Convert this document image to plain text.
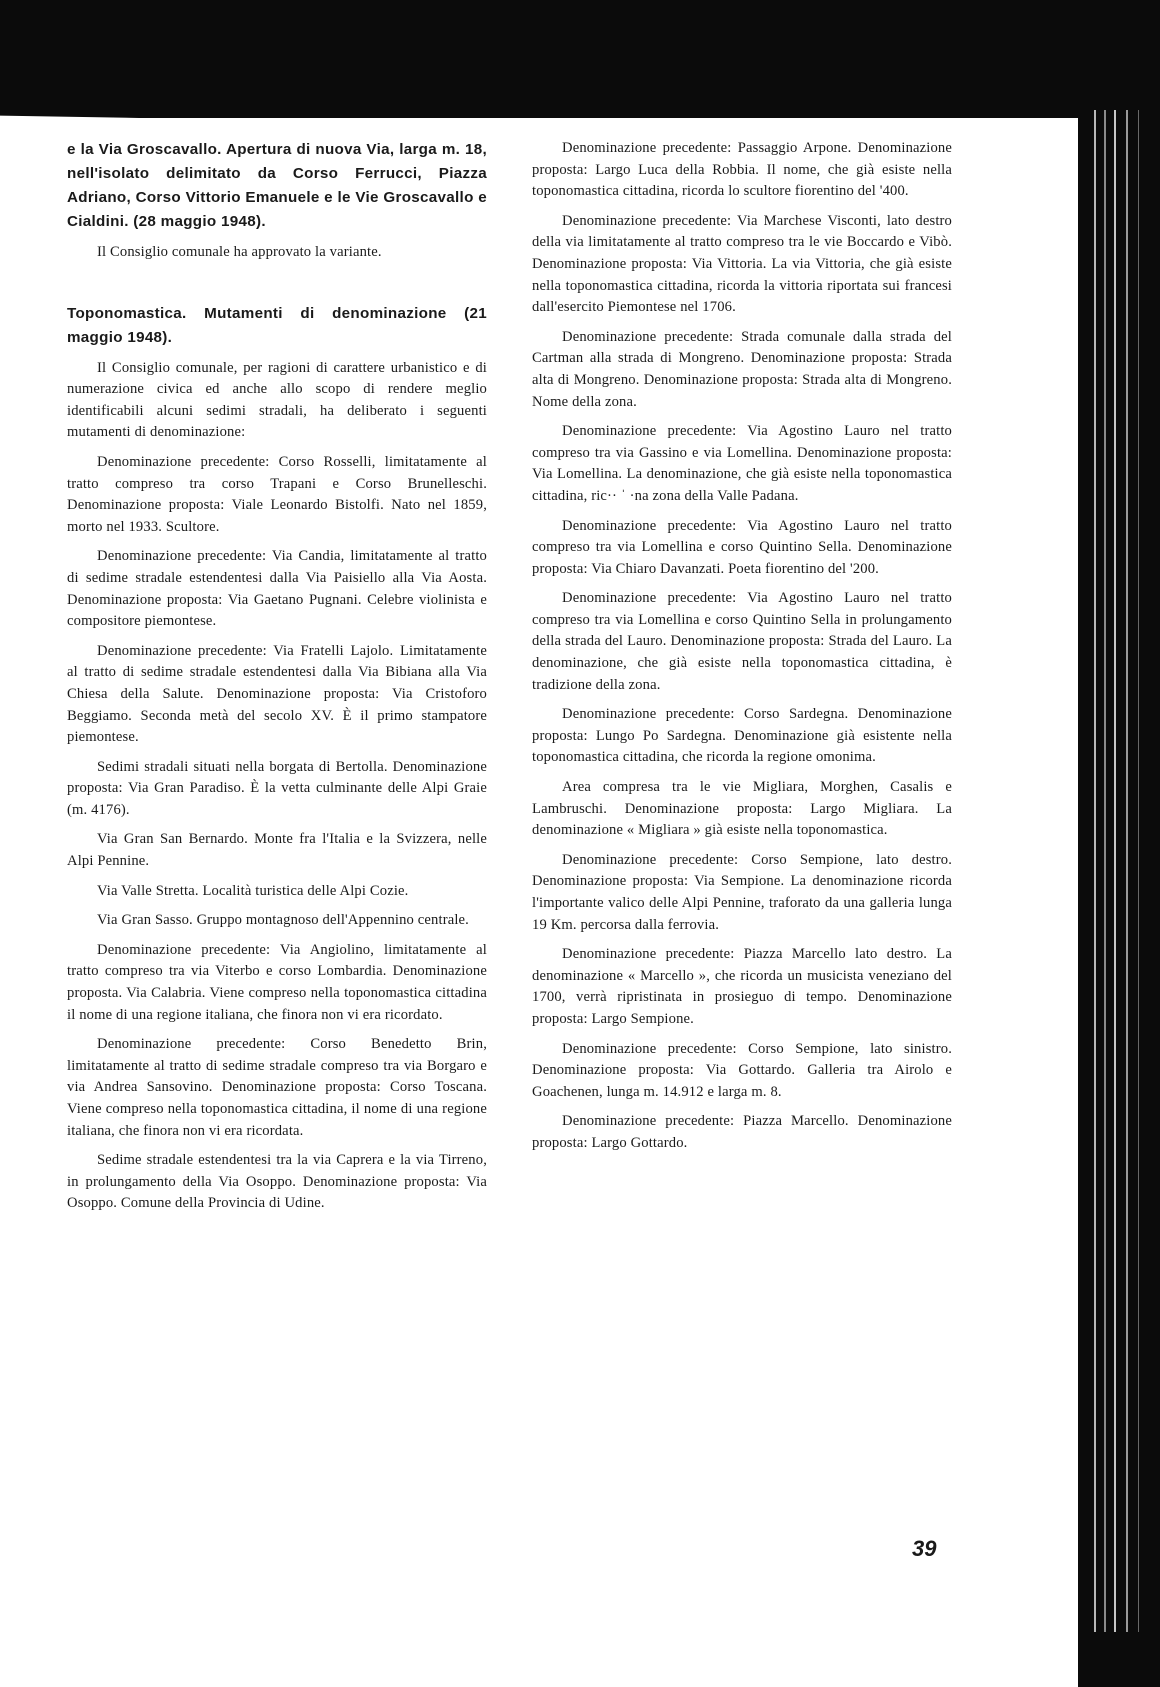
e la Via Groscavallo. Apertura di nuova Via, larga m. 18, nell'isolato delimitato da Corso Ferrucci, Piazza Adriano, Corso Vittorio Emanuele e le Vie Groscavallo e Cialdini. (28 maggio 1948).

Il Consiglio comunale ha approvato la variante.

Toponomastica. Mutamenti di denominazione (21 maggio 1948).

Il Consiglio comunale, per ragioni di carattere urbanistico e di numerazione civica ed anche allo scopo di rendere meglio identificabili alcuni sedimi stradali, ha deliberato i seguenti mutamenti di denominazione:

Denominazione precedente: Corso Rosselli, limitatamente al tratto compreso tra corso Trapani e Corso Brunelleschi. Denominazione proposta: Viale Leonardo Bistolfi. Nato nel 1859, morto nel 1933. Scultore.

Denominazione precedente: Via Candia, limitatamente al tratto di sedime stradale estendentesi dalla Via Paisiello alla Via Aosta. Denominazione proposta: Via Gaetano Pugnani. Celebre violinista e compositore piemontese.

Denominazione precedente: Via Fratelli Lajolo. Limitatamente al tratto di sedime stradale estendentesi dalla Via Bibiana alla Via Chiesa della Salute. Denominazione proposta: Via Cristoforo Beggiamo. Seconda metà del secolo XV. È il primo stampatore piemontese.

Sedimi stradali situati nella borgata di Bertolla. Denominazione proposta: Via Gran Paradiso. È la vetta culminante delle Alpi Graie (m. 4176).

Via Gran San Bernardo. Monte fra l'Italia e la Svizzera, nelle Alpi Pennine.

Via Valle Stretta. Località turistica delle Alpi Cozie.

Via Gran Sasso. Gruppo montagnoso dell'Appennino centrale.

Denominazione precedente: Via Angiolino, limitatamente al tratto compreso tra via Viterbo e corso Lombardia. Denominazione proposta. Via Calabria. Viene compreso nella toponomastica cittadina il nome di una regione italiana, che finora non vi era ricordato.

Denominazione precedente: Corso Benedetto Brin, limitatamente al tratto di sedime stradale compreso tra via Borgaro e via Andrea Sansovino. Denominazione proposta: Corso Toscana. Viene compreso nella toponomastica cittadina, il nome di una regione italiana, che finora non vi era ricordata.

Sedime stradale estendentesi tra la via Caprera e la via Tirreno, in prolungamento della Via Osoppo. Denominazione proposta: Via Osoppo. Comune della Provincia di Udine.

Denominazione precedente: Passaggio Arpone. Denominazione proposta: Largo Luca della Robbia. Il nome, che già esiste nella toponomastica cittadina, ricorda lo scultore fiorentino del '400.

Denominazione precedente: Via Marchese Visconti, lato destro della via limitatamente al tratto compreso tra le vie Boccardo e Vibò. Denominazione proposta: Via Vittoria. La via Vittoria, che già esiste nella toponomastica cittadina, ricorda la vittoria riportata sui francesi dall'esercito Piemontese nel 1706.

Denominazione precedente: Strada comunale dalla strada del Cartman alla strada di Mongreno. Denominazione proposta: Strada alta di Mongreno. Denominazione proposta: Strada alta di Mongreno. Nome della zona.

Denominazione precedente: Via Agostino Lauro nel tratto compreso tra via Gassino e via Lomellina. Denominazione proposta: Via Lomellina. La denominazione, che già esiste nella toponomastica cittadina, ric·· ˈ ·na zona della Valle Padana.

Denominazione precedente: Via Agostino Lauro nel tratto compreso tra via Lomellina e corso Quintino Sella. Denominazione proposta: Via Chiaro Davanzati. Poeta fiorentino del '200.

Denominazione precedente: Via Agostino Lauro nel tratto compreso tra via Lomellina e corso Quintino Sella in prolungamento della strada del Lauro. Denominazione proposta: Strada del Lauro. La denominazione, che già esiste nella toponomastica cittadina, è tradizione della zona.

Denominazione precedente: Corso Sardegna. Denominazione proposta: Lungo Po Sardegna. Denominazione già esistente nella toponomastica cittadina, che ricorda la regione omonima.

Area compresa tra le vie Migliara, Morghen, Casalis e Lambruschi. Denominazione proposta: Largo Migliara. La denominazione « Migliara » già esiste nella toponomastica.

Denominazione precedente: Corso Sempione, lato destro. Denominazione proposta: Via Sempione. La denominazione ricorda l'importante valico delle Alpi Pennine, traforato da una galleria lunga 19 Km. percorsa dalla ferrovia.

Denominazione precedente: Piazza Marcello lato destro. La denominazione « Marcello », che ricorda un musicista veneziano del 1700, verrà ripristinata in prosieguo di tempo. Denominazione proposta: Largo Sempione.

Denominazione precedente: Corso Sempione, lato sinistro. Denominazione proposta: Via Gottardo. Galleria tra Airolo e Goachenen, lunga m. 14.912 e larga m. 8.

Denominazione precedente: Piazza Marcello. Denominazione proposta: Largo Gottardo.

39
